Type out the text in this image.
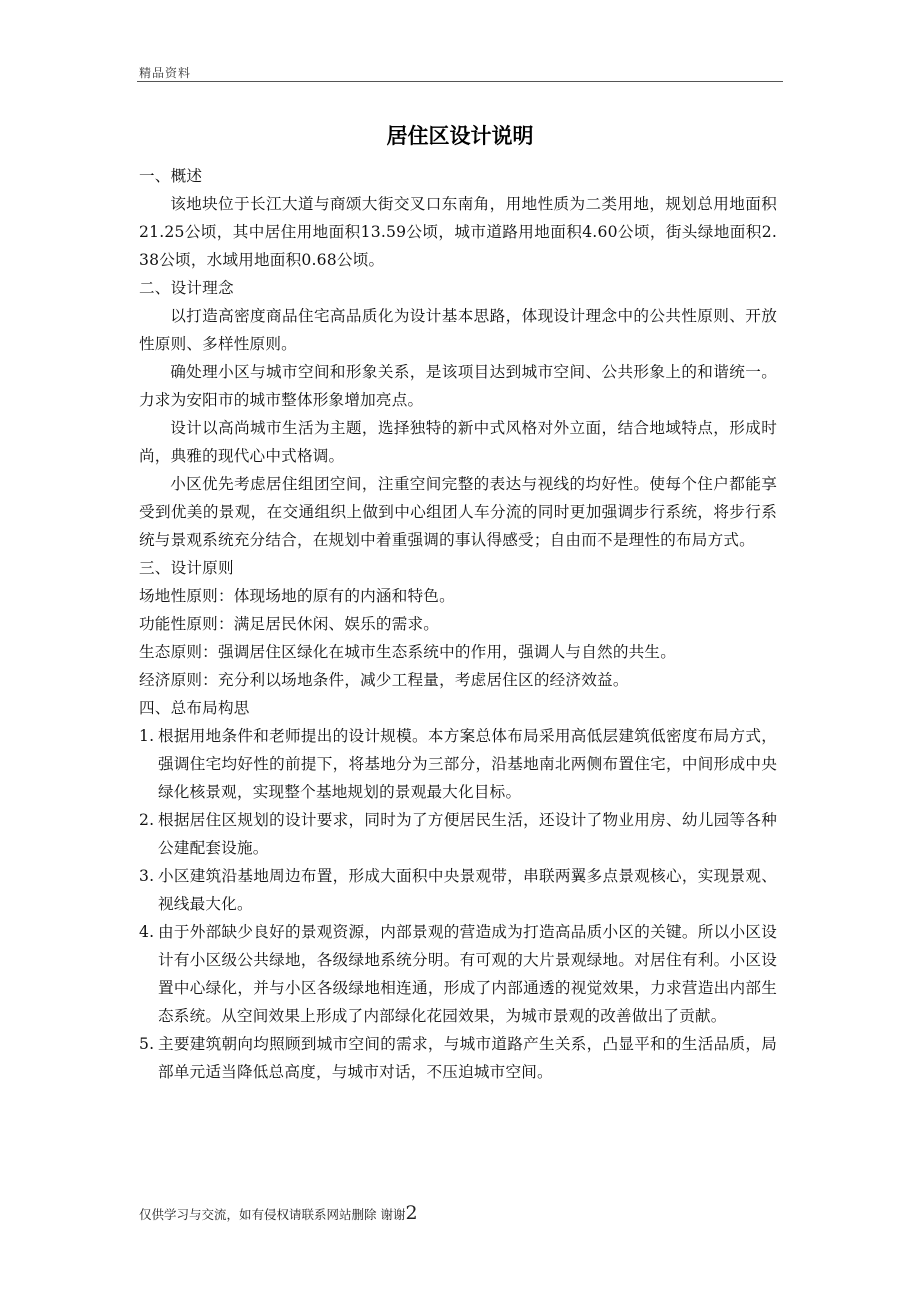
精品资料
居住区设计说明
一、概述
该地块位于长江大道与商颂大街交叉口东南角，用地性质为二类用地，规划总用地面积21.25公顷，其中居住用地面积13.59公顷，城市道路用地面积4.60公顷，街头绿地面积2.38公顷，水域用地面积0.68公顷。
二、设计理念
以打造高密度商品住宅高品质化为设计基本思路，体现设计理念中的公共性原则、开放性原则、多样性原则。
确处理小区与城市空间和形象关系，是该项目达到城市空间、公共形象上的和谐统一。力求为安阳市的城市整体形象增加亮点。
设计以高尚城市生活为主题，选择独特的新中式风格对外立面，结合地域特点，形成时尚，典雅的现代心中式格调。
小区优先考虑居住组团空间，注重空间完整的表达与视线的均好性。使每个住户都能享受到优美的景观，在交通组织上做到中心组团人车分流的同时更加强调步行系统，将步行系统与景观系统充分结合，在规划中着重强调的事认得感受；自由而不是理性的布局方式。
三、设计原则
场地性原则：体现场地的原有的内涵和特色。
功能性原则：满足居民休闲、娱乐的需求。
生态原则：强调居住区绿化在城市生态系统中的作用，强调人与自然的共生。
经济原则：充分利以场地条件，减少工程量，考虑居住区的经济效益。
四、总布局构思
1. 根据用地条件和老师提出的设计规模。本方案总体布局采用高低层建筑低密度布局方式，强调住宅均好性的前提下，将基地分为三部分，沿基地南北两侧布置住宅，中间形成中央绿化核景观，实现整个基地规划的景观最大化目标。
2. 根据居住区规划的设计要求，同时为了方便居民生活，还设计了物业用房、幼儿园等各种公建配套设施。
3. 小区建筑沿基地周边布置，形成大面积中央景观带，串联两翼多点景观核心，实现景观、视线最大化。
4. 由于外部缺少良好的景观资源，内部景观的营造成为打造高品质小区的关键。所以小区设计有小区级公共绿地，各级绿地系统分明。有可观的大片景观绿地。对居住有利。小区设置中心绿化，并与小区各级绿地相连通，形成了内部通透的视觉效果，力求营造出内部生态系统。从空间效果上形成了内部绿化花园效果，为城市景观的改善做出了贡献。
5. 主要建筑朝向均照顾到城市空间的需求，与城市道路产生关系，凸显平和的生活品质，局部单元适当降低总高度，与城市对话，不压迫城市空间。
仅供学习与交流，如有侵权请联系网站删除 谢谢2
